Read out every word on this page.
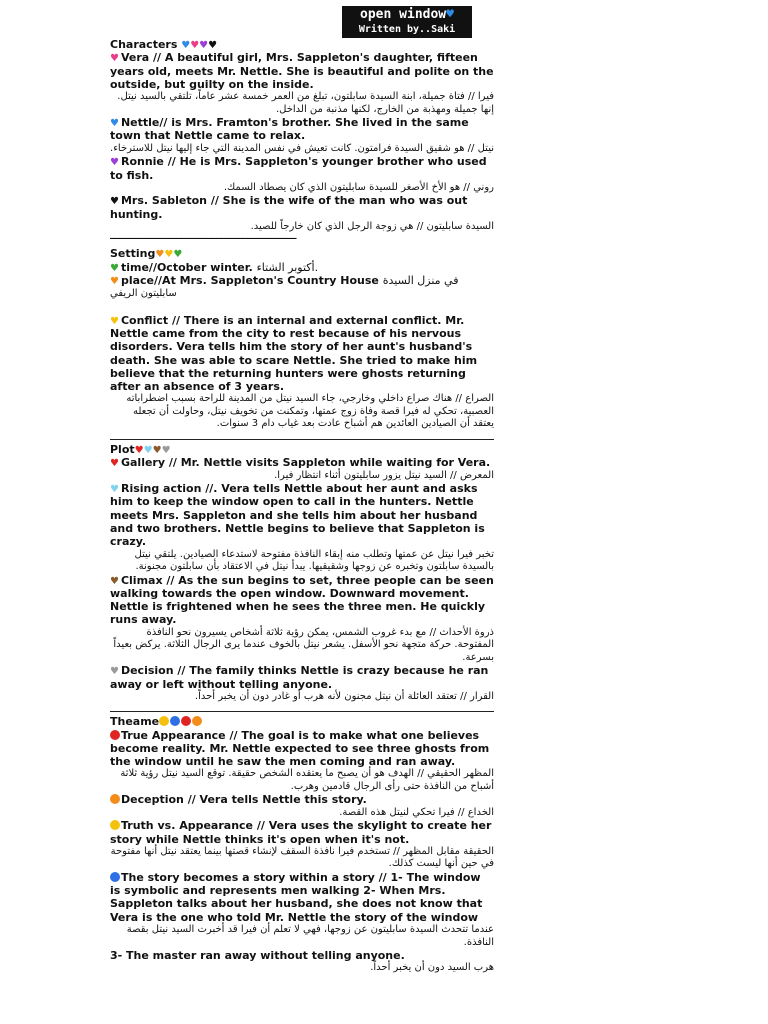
open window♥
Written by..Saki
Characters ♥♥♥♥
♥ Vera // A beautiful girl, Mrs. Sappleton's daughter, fifteen years old, meets Mr. Nettle. She is beautiful and polite on the outside, but guilty on the inside.
فيرا // فتاة جميلة، ابنة السيدة سابلتون، تبلغ من العمر خمسة عشر عاماً، تلتقي بالسيد نيتل. إنها جميلة ومهذبة من الخارج، لكنها مذنبة من الداخل.
♥ Nettle// is Mrs. Framton's brother. She lived in the same town that Nettle came to relax.
نيتل // هو شقيق السيدة فرامتون. كانت تعيش في نفس المدينة التي جاء إليها نيتل للاسترخاء.
♥ Ronnie // He is Mrs. Sappleton's younger brother who used to fish.
روني // هو الأخ الأصغر للسيدة سابليتون الذي كان يصطاد السمك.
♥ Mrs. Sableton // She is the wife of the man who was out hunting.
السيدة سابليتون // هي زوجة الرجل الذي كان خارجاً للصيد.
——————————————————————————————————————————
Setting♥♥♥
♥ time//October winter. أكتوبر الشتاء.
♥ place//At Mrs. Sappleton's Country House في منزل السيدة
سابليتون الريفي
♥ Conflict // There is an internal and external conflict. Mr. Nettle came from the city to rest because of his nervous disorders. Vera tells him the story of her aunt's husband's death. She was able to scare Nettle. She tried to make him believe that the returning hunters were ghosts returning after an absence of 3 years.
الصراع // هناك صراع داخلي وخارجي، جاء السيد نيتل من المدينة للراحة بسبب اضطراباته العصبية، تحكي له فيرا قصة وفاة زوج عمتها، وتمكنت من تخويف نيتل، وحاولت أن تجعله يعتقد أن الصيادين العائدين هم أشباح عادت بعد غياب دام 3 سنوات.
Plot♥♥♥♥
♥ Gallery // Mr. Nettle visits Sappleton while waiting for Vera.
المعرض // السيد نيتل يزور سابليتون أثناء انتظار فيرا.
♥ Rising action //. Vera tells Nettle about her aunt and asks him to keep the window open to call in the hunters. Nettle meets Mrs. Sappleton and she tells him about her husband and two brothers. Nettle begins to believe that Sappleton is crazy.
تخبر فيرا نيتل عن عمتها وتطلب منه إبقاء النافذة مفتوحة لاستدعاء الصيادين. يلتقي نيتل بالسيدة سابلتون وتخبره عن زوجها وشقيقيها. يبدأ نيتل في الاعتقاد بأن سابلتون مجنونة.
♥ Climax // As the sun begins to set, three people can be seen walking towards the open window. Downward movement. Nettle is frightened when he sees the three men. He quickly runs away.
ذروة الأحداث // مع بدء غروب الشمس، يمكن رؤية ثلاثة أشخاص يسيرون نحو النافذة المفتوحة. حركة متجهة نحو الأسفل. يشعر نيتل بالخوف عندما يرى الرجال الثلاثة. يركض بعيداً بسرعة.
♥ Decision // The family thinks Nettle is crazy because he ran away or left without telling anyone.
القرار // تعتقد العائلة أن نيتل مجنون لأنه هرب أو غادر دون أن يخبر أحداً.
Theame
True Appearance // The goal is to make what one believes become reality. Mr. Nettle expected to see three ghosts from the window until he saw the men coming and ran away.
المظهر الحقيقي // الهدف هو أن يصبح ما يعتقده الشخص حقيقة. توقع السيد نيتل رؤية ثلاثة أشباح من النافذة حتى رأى الرجال قادمين وهرب.
Deception // Vera tells Nettle this story.
الخداع // فيرا تحكي لنيتل هذه القصة.
Truth vs. Appearance // Vera uses the skylight to create her story while Nettle thinks it's open when it's not.
الحقيقة مقابل المظهر // تستخدم فيرا نافذة السقف لإنشاء قصتها بينما يعتقد نيتل أنها مفتوحة في حين أنها ليست كذلك.
The story becomes a story within a story // 1- The window is symbolic and represents men walking 2- When Mrs. Sappleton talks about her husband, she does not know that Vera is the one who told Mr. Nettle the story of the window
عندما تتحدث السيدة سابليتون عن زوجها، فهي لا تعلم أن فيرا قد أخبرت السيد نيتل بقصة النافذة.
3- The master ran away without telling anyone.
هرب السيد دون أن يخبر أحداً.
